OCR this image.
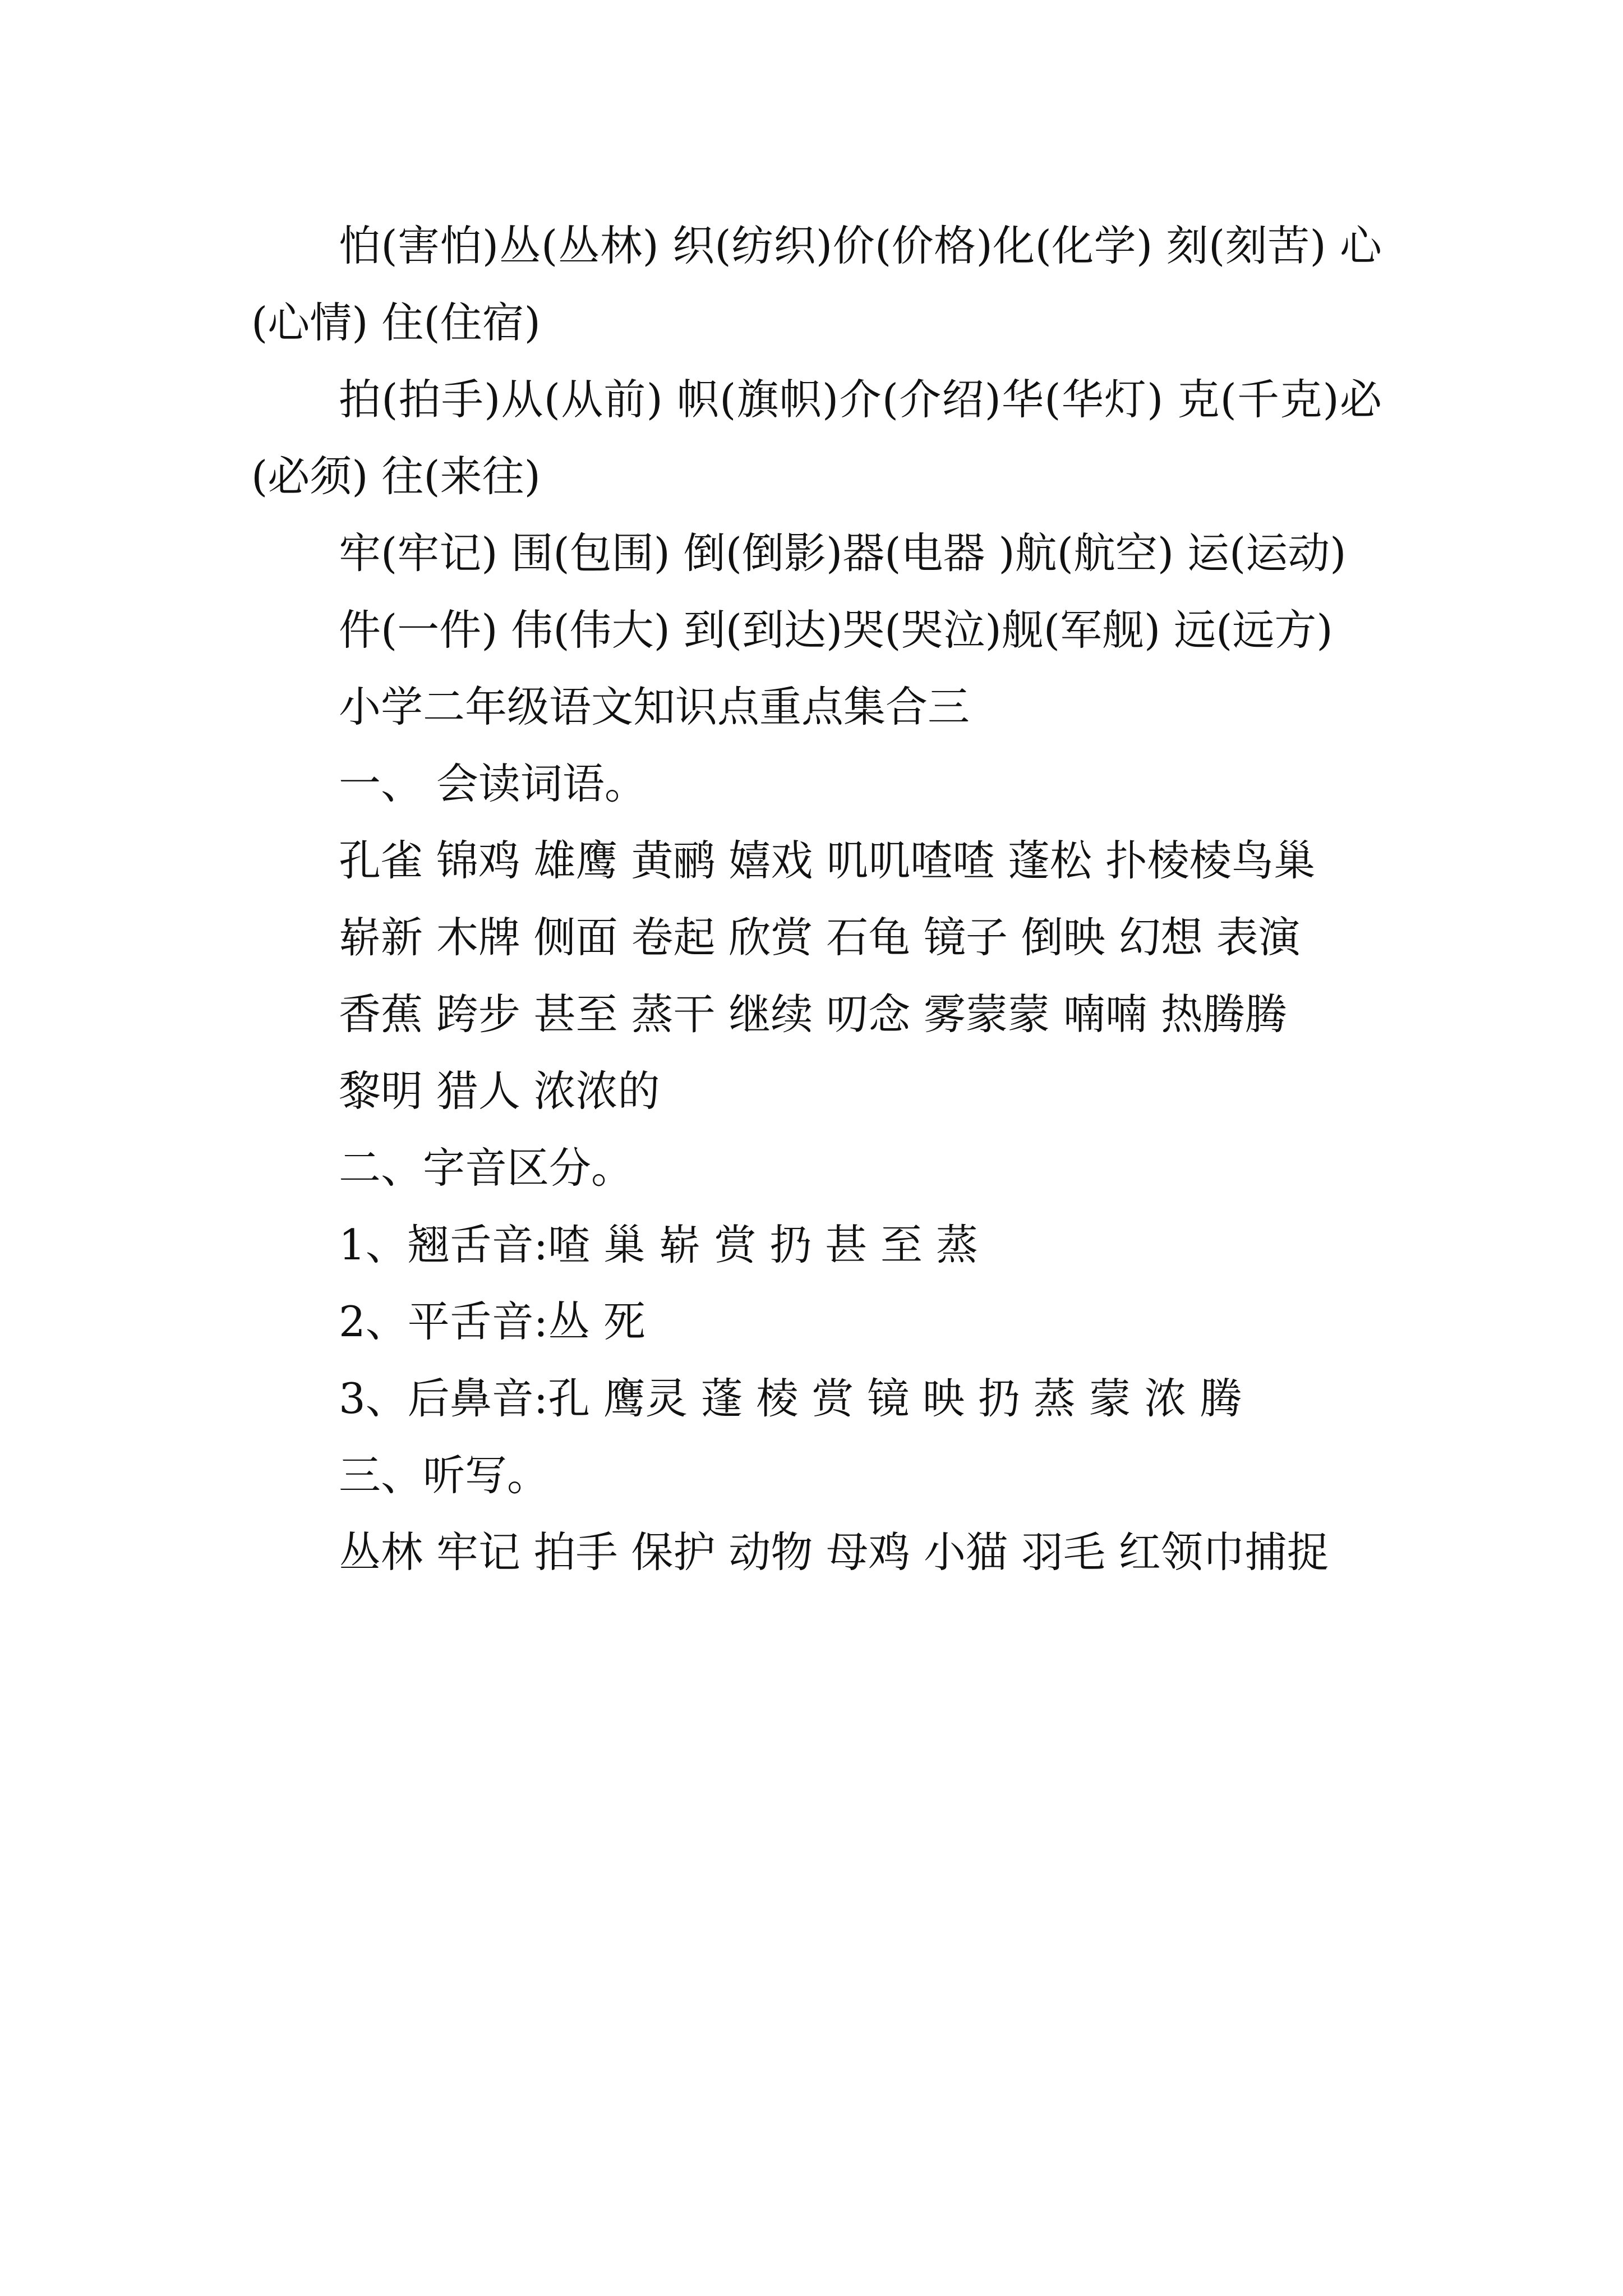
怕(害怕)丛(丛林) 织(纺织)价(价格)化(化学) 刻(刻苦) 心(心情) 住(住宿)

拍(拍手)从(从前) 帜(旗帜)介(介绍)华(华灯) 克(千克)必(必须) 往(来往)

牢(牢记) 围(包围) 倒(倒影)器(电器 )航(航空) 运(运动)

件(一件) 伟(伟大) 到(到达)哭(哭泣)舰(军舰) 远(远方)

小学二年级语文知识点重点集合三

一、 会读词语。

孔雀 锦鸡 雄鹰 黄鹂 嬉戏 叽叽喳喳 蓬松 扑棱棱鸟巢

崭新 木牌 侧面 卷起 欣赏 石龟 镜子 倒映 幻想 表演

香蕉 跨步 甚至 蒸干 继续 叨念 雾蒙蒙 喃喃 热腾腾

黎明 猎人 浓浓的

二、字音区分。

1、翘舌音:喳 巢 崭 赏 扔 甚 至 蒸

2、平舌音:丛 死

3、后鼻音:孔 鹰灵 蓬 棱 赏 镜 映 扔 蒸 蒙 浓 腾

三、听写。

丛林 牢记 拍手 保护 动物 母鸡 小猫 羽毛 红领巾捕捉
